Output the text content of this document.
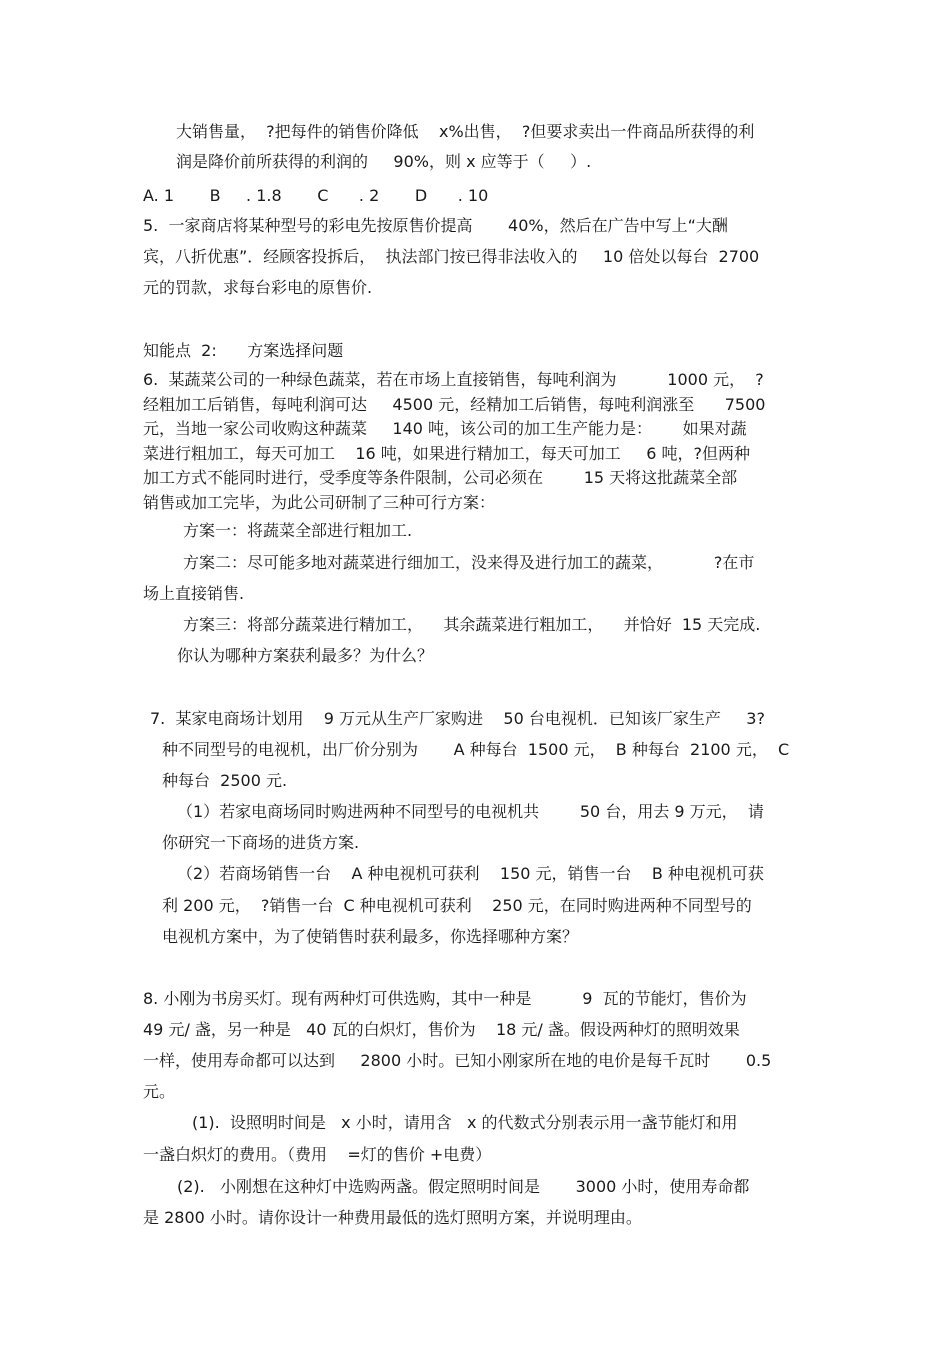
大销售量，  ?把每件的销售价降低    x%出售，  ?但要求卖出一件商品所获得的利
润是降价前所获得的利润的     90%，则 x 应等于（     ）.
A. 1       B     . 1.8       C      . 2       D      . 10
5.  一家商店将某种型号的彩电先按原售价提高       40%，然后在广告中写上“大酬
宾，八折优惠”．经顾客投拆后，  执法部门按已得非法收入的     10 倍处以每台  2700
元的罚款，求每台彩电的原售价.
知能点  2:      方案选择问题
6.  某蔬菜公司的一种绿色蔬菜，若在市场上直接销售，每吨利润为          1000 元，  ?
经粗加工后销售，每吨利润可达     4500 元，经精加工后销售，每吨利润涨至      7500
元，当地一家公司收购这种蔬菜     140 吨，该公司的加工生产能力是：      如果对蔬
菜进行粗加工，每天可加工    16 吨，如果进行精加工，每天可加工     6 吨，?但两种
加工方式不能同时进行，受季度等条件限制，公司必须在        15 天将这批蔬菜全部
销售或加工完毕，为此公司研制了三种可行方案：
方案一：将蔬菜全部进行粗加工.
方案二：尽可能多地对蔬菜进行细加工，没来得及进行加工的蔬菜，          ?在市
场上直接销售.
方案三：将部分蔬菜进行精加工，    其余蔬菜进行粗加工，    并恰好  15 天完成.
你认为哪种方案获利最多？为什么？
7.  某家电商场计划用    9 万元从生产厂家购进    50 台电视机．已知该厂家生产     3?
种不同型号的电视机，出厂价分别为       A 种每台  1500 元，  B 种每台  2100 元，  C
种每台  2500 元.
（1）若家电商场同时购进两种不同型号的电视机共        50 台，用去 9 万元，  请
你研究一下商场的进货方案.
（2）若商场销售一台    A 种电视机可获利    150 元，销售一台    B 种电视机可获
利 200 元，  ?销售一台  C 种电视机可获利    250 元，在同时购进两种不同型号的
电视机方案中，为了使销售时获利最多，你选择哪种方案？
8. 小刚为书房买灯。现有两种灯可供选购，其中一种是          9  瓦的节能灯，售价为
49 元/ 盏，另一种是   40 瓦的白炽灯，售价为    18 元/ 盏。假设两种灯的照明效果
一样，使用寿命都可以达到     2800 小时。已知小刚家所在地的电价是每千瓦时       0.5
元。
(1).  设照明时间是   x 小时，请用含   x 的代数式分别表示用一盏节能灯和用
一盏白炽灯的费用。（费用    =灯的售价 +电费）
(2).   小刚想在这种灯中选购两盏。假定照明时间是       3000 小时，使用寿命都
是 2800 小时。请你设计一种费用最低的选灯照明方案，并说明理由。
